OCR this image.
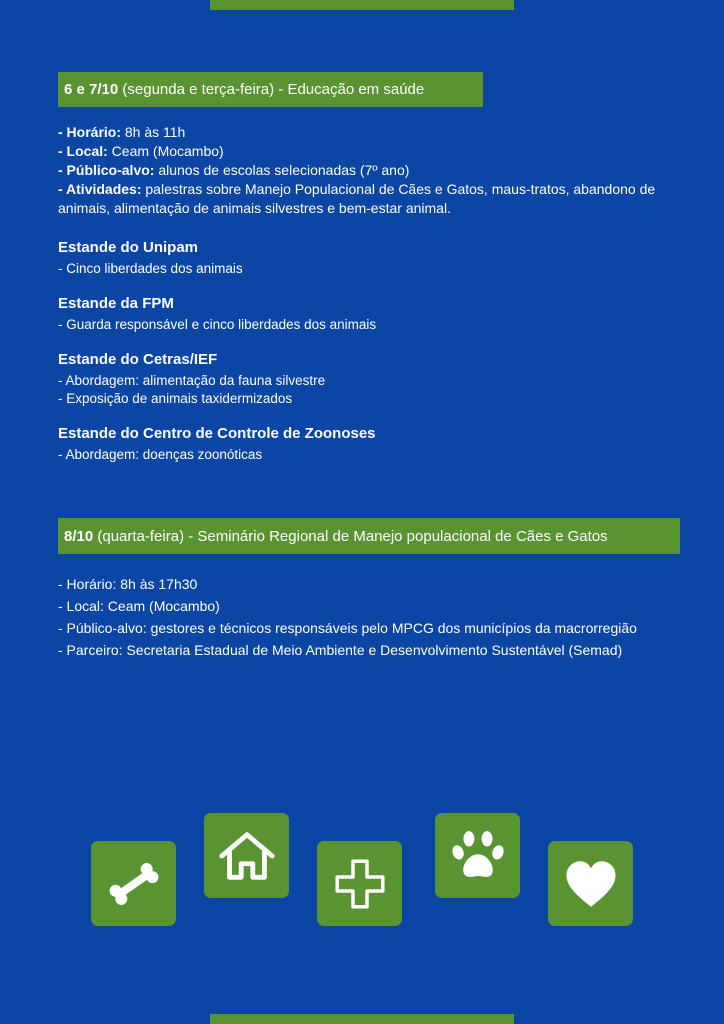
6 e 7/10 (segunda e terça-feira) - Educação em saúde

- Horário: 8h às 11h

- Local: Ceam (Mocambo)

- Público-alvo: alunos de escolas selecionadas (7º ano)

- Atividades: palestras sobre Manejo Populacional de Cães e Gatos, maus-tratos, abandono de animais, alimentação de animais silvestres e bem-estar animal.

Estande do Unipam

- Cinco liberdades dos animais

Estande da FPM

- Guarda responsável e cinco liberdades dos animais

Estande do Cetras/IEF

- Abordagem: alimentação da fauna silvestre

- Exposição de animais taxidermizados

Estande do Centro de Controle de Zoonoses

- Abordagem: doenças zoonóticas

8/10 (quarta-feira) - Seminário Regional de Manejo populacional de Cães e Gatos

- Horário: 8h às 17h30

- Local: Ceam (Mocambo)

- Público-alvo: gestores e técnicos responsáveis pelo MPCG dos municípios da macrorregião

- Parceiro: Secretaria Estadual de Meio Ambiente e Desenvolvimento Sustentável (Semad)
